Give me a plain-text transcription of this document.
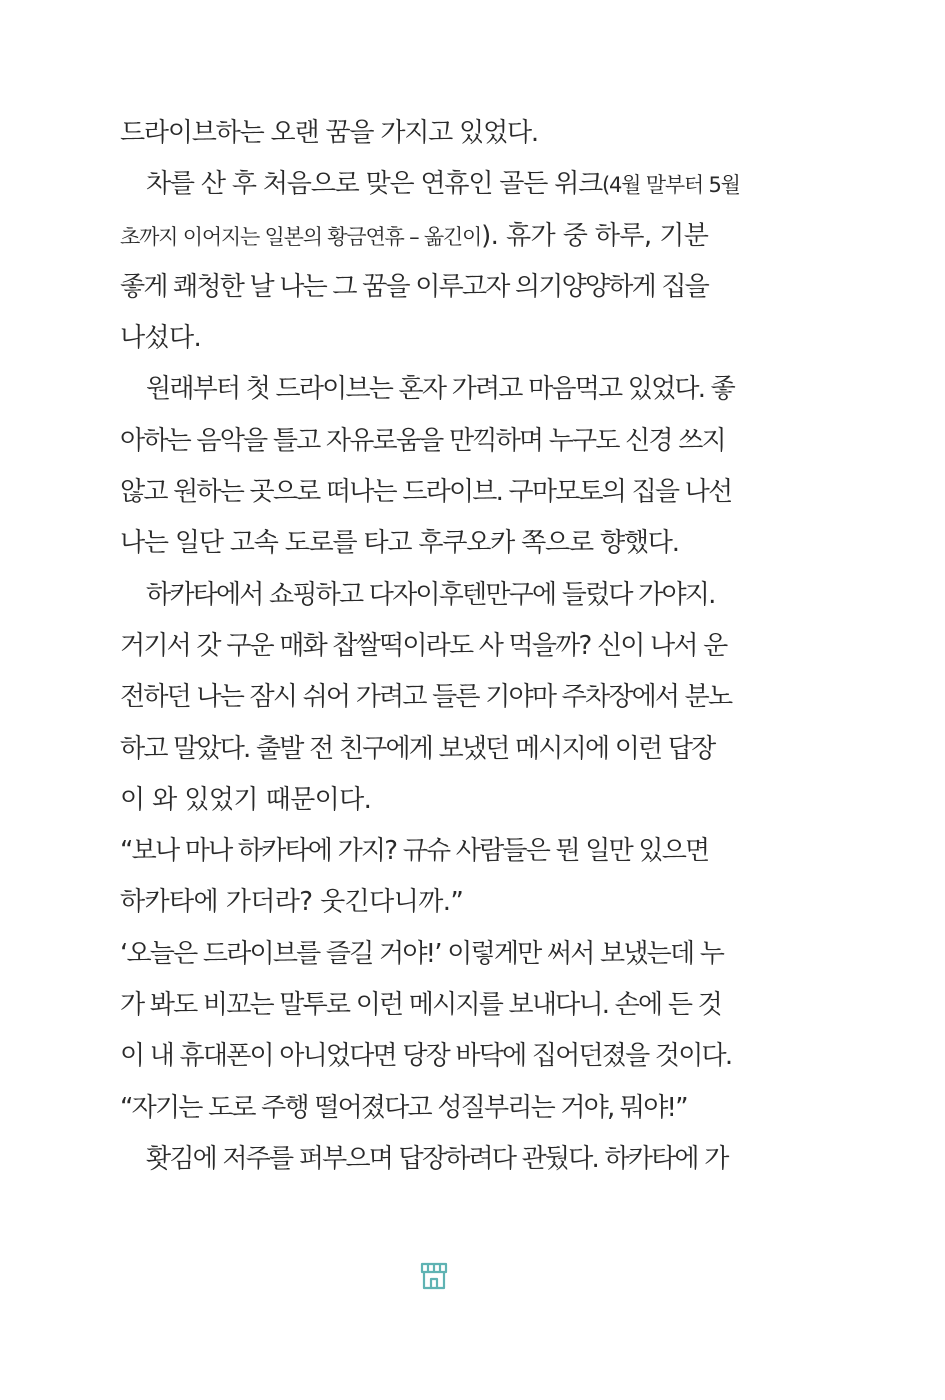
드라이브하는 오랜 꿈을 가지고 있었다.
차를 산 후 처음으로 맞은 연휴인 골든 위크(4월 말부터 5월
초까지 이어지는 일본의 황금연휴 – 옮긴이). 휴가 중 하루, 기분
좋게 쾌청한 날 나는 그 꿈을 이루고자 의기양양하게 집을
나섰다.
원래부터 첫 드라이브는 혼자 가려고 마음먹고 있었다. 좋
아하는 음악을 틀고 자유로움을 만끽하며 누구도 신경 쓰지
않고 원하는 곳으로 떠나는 드라이브. 구마모토의 집을 나선
나는 일단 고속 도로를 타고 후쿠오카 쪽으로 향했다.
하카타에서 쇼핑하고 다자이후텐만구에 들렀다 가야지.
거기서 갓 구운 매화 찹쌀떡이라도 사 먹을까? 신이 나서 운
전하던 나는 잠시 쉬어 가려고 들른 기야마 주차장에서 분노
하고 말았다. 출발 전 친구에게 보냈던 메시지에 이런 답장
이 와 있었기 때문이다.
“보나 마나 하카타에 가지? 규슈 사람들은 뭔 일만 있으면
하카타에 가더라? 웃긴다니까.”
‘오늘은 드라이브를 즐길 거야!’ 이렇게만 써서 보냈는데 누
가 봐도 비꼬는 말투로 이런 메시지를 보내다니. 손에 든 것
이 내 휴대폰이 아니었다면 당장 바닥에 집어던졌을 것이다.
“자기는 도로 주행 떨어졌다고 성질부리는 거야, 뭐야!”
홧김에 저주를 퍼부으며 답장하려다 관뒀다. 하카타에 가
